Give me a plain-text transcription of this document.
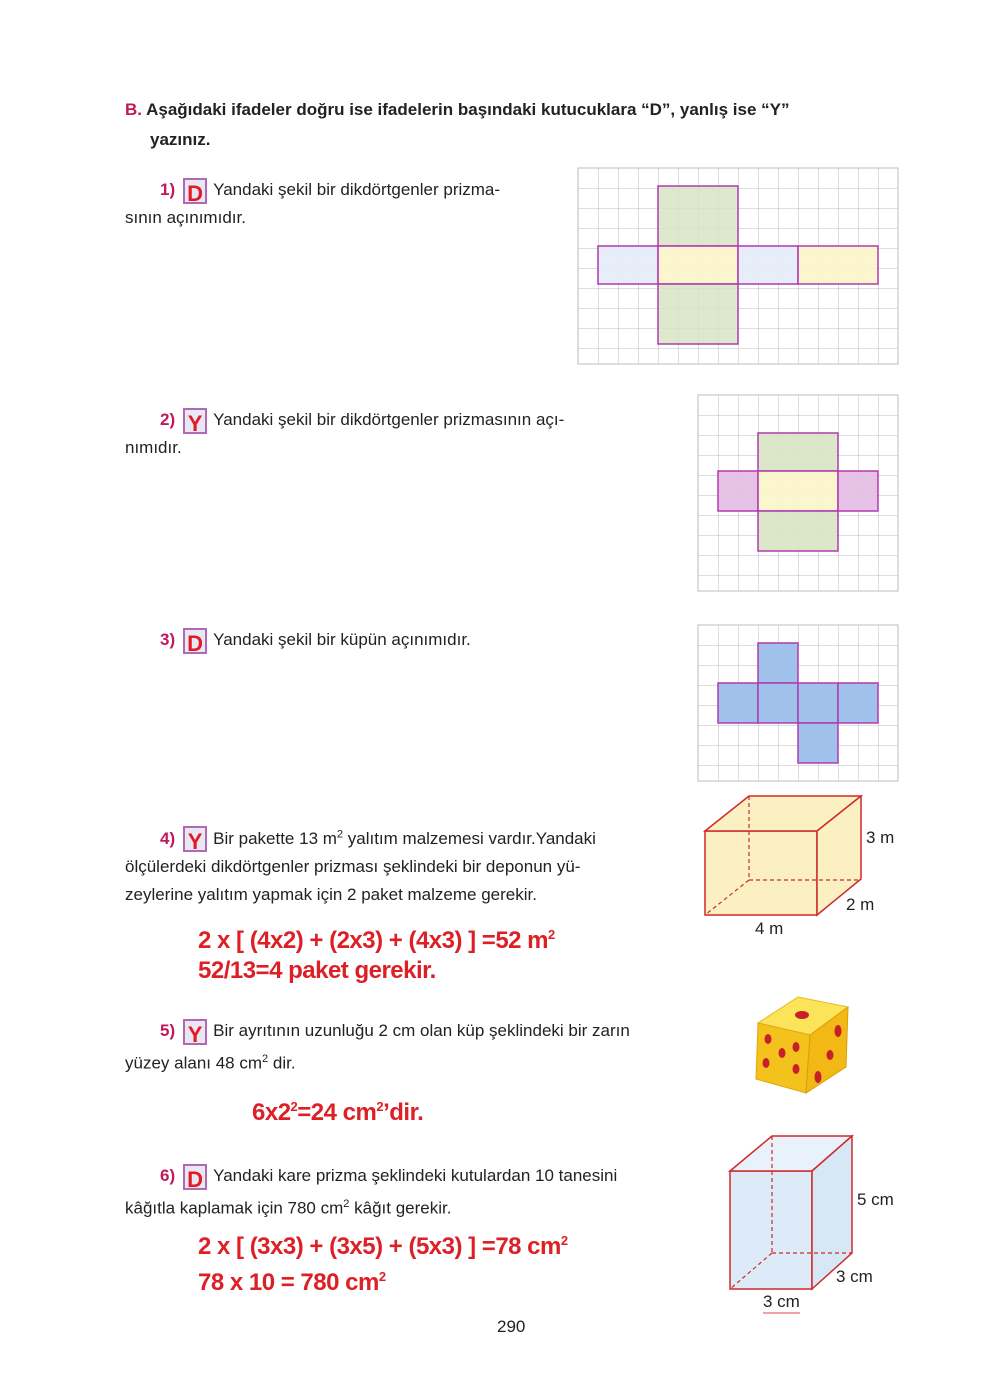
B. Aşağıdaki ifadeler doğru ise ifadelerin başındaki kutucuklara “D”, yanlış ise “Y”
yazınız.
1) D Yandaki şekil bir dikdörtgenler prizma-
sının açınımıdır.
2) Y Yandaki şekil bir dikdörtgenler prizmasının açı-
nımıdır.
3) D Yandaki şekil bir küpün açınımıdır.
4) Y Bir pakette 13 $m^2$ yalıtım malzemesi vardır.Yandaki
ölçülerdeki dikdörtgenler prizması şeklindeki bir deponun yü-
zeylerine yalıtım yapmak için 2 paket malzeme gerekir.
2 x [ (4x2) + (2x3) + (4x3) ] =52 $m^2$
52/13=4 paket gerekir.
3 m
2 m
4 m
5) Y Bir ayrıtının uzunluğu 2 cm olan küp şeklindeki bir zarın
yüzey alanı 48 $cm^2$ dir.
$6x2^2=24$ $cm^2’dir$.
6) D Yandaki kare prizma şeklindeki kutulardan 10 tanesini
kâğıtla kaplamak için 780 $cm^2$ kâğıt gerekir.
2 x [ (3x3) + (3x5) + (5x3) ] =78 $cm^2$
78 x 10 = 780 $cm^2$
5 cm
3 cm
3 cm
290
